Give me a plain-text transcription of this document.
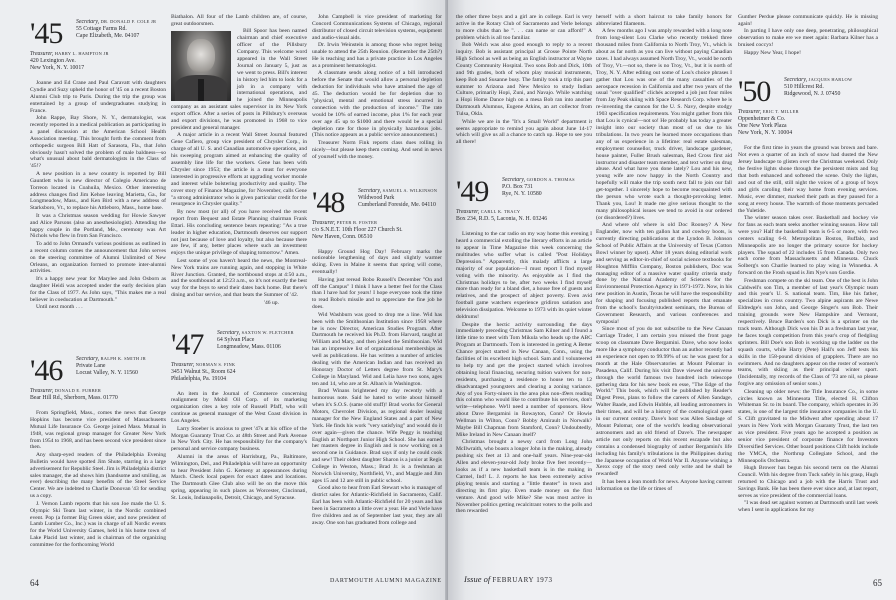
'45 Secretary, DR. DONALD F. COLE JR
55 Cottage Farms Rd.
Cape Elizabeth, Me. 04107
Treasurer, HARRY L. HAMPTON JR
420 Lexington Ave.
New York, N. Y. 10017

Joanne and Ed Crane and Paul Caravatt with daughters Cyndie and Suzy upheld the honor of '45 on a recent Boston Alumni Club trip to Paris. During the trip the group was entertained by a group of undergraduates studying in France.

John Rappe, Bay Shore, N. Y., dermatologist, was recently reported in a medical publication as participating in a panel discussion at the American School Health Association meeting. This brought forth the comment from orthopedic surgeon Bill Hatt of Sarasota, Fla., that John obviously hasn't solved the problem of male baldness—so what's unusual about bald dermatologists in the Class of '45!?

A new position in a new country is reported by Bill Gauntlett who is new director of Colegio Americano de Torreon located in Coahuila, Mexico. Other interesting address changes find Jim Kehoe leaving Marietta, Ga., for Longmeadow, Mass., and Ken Bird with a new address of Starksboro, Vt., to replace his Attleboro, Mass., home base.

It was a Christmas season wedding for Howie Sawyer and Alice Parsons (also an anesthesiologist). Attending the happy couple in the Portland, Me., ceremony was Art Nichols who flew in from San Francisco.

To add to John Ormand's various positions as outlined in a recent column comes the announcement that John serves on the steering committee of Alumni Unlimited of New Orleans, an organization formed to promote inter-alumni activities.

It's a happy new year for Marylee and John Osborn as daughter Heidi was accepted under the early decision plan for the Class of 1977. As John says, "This makes me a real believer in coeducation at Dartmouth."

Until next month . . .

'46 Secretary, RALPH K. SMITH JR
Private Lane
Locust Valley, N. Y. 11560
Treasurer, DONALD E. FURBER
Bear Hill Rd., Sherborn, Mass. 01770

From Springfield, Mass., comes the news that George Hopkins has become vice president of Massachusetts Mutual Life Insurance Co. George joined Mass. Mutual in 1948, was regional group manager for Greater New York from 1954 to 1968, and has been second vice president since then.

Any sharp-eyed readers of the Philadelphia Evening Bulletin would have spotted Jim Shute, starring in a large advertisement for Republic Steel. Jim is Philadelphia district sales manager, the ad shows him (handsome and smiling, as ever) describing the many benefits of the Steel Service Center. We are indebted to Charlie Donovan '43 for sending us a copy.

J. Vernon Lamb reports that his son Joe made the U. S. Olympic Ski Team last winter, in the Nordic combined event. Pop (a former Big Green skier, and now president of Lamb Lumber Co., Inc.) was in charge of all Nordic events for the World University Games, held in his home town of Lake Placid last winter, and is chairman of the organizing committee for the forthcoming World

Biathalon. All four of the Lamb children are, of course, great outdoorsmen.

Bill Spoor has been named chairman and chief executive officer of the Pillsbury Company. This welcome word appeared in the Wall Street Journal on January 5, just as we went to press. Bill's interest in history led him to look for a job in a company with international operations, and he joined the Minneapolis company as an assistant sales supervisor in its New York export office. After a series of posts in Pillsbury's overseas and export divisions, he was promoted in 1968 to vice president and general manager.

A major article in a recent Wall Street Journal featured Gene Cafiero, group vice president of Chrysler Corp., in charge of all U. S. and Canadian automotive operations, and his sweeping program aimed at enhancing the quality of assembly line life for the workers. Gene has been with Chrysler since 1953; the article is a must for everyone interested in progressive efforts at upgrading worker morale and interest while bolstering productivity and quality. The cover story of Finance Magazine, for November, calls Gene "a strong administrator who is given particular credit for the resurgence in Chrysler quality."

By now most (or all) of you have received the recent report from Bequest and Estate Planning chairman Frank Ettari. His concluding sentence bears repeating: "As a true leader in higher education, Dartmouth deserves our support not just because of love and loyalty, but also because there are few, if any, better places where such an investment enjoys the unique privilege of shaping tomorrow." Amen.

Lest some of you haven't heard the news, the Montreal-New York trains are running again, and stopping in White River Junction. Granted, the northbound stops at 4:50 a.m., and the southbound at 12:23 a.m., so it's not exactly the best way for the boys to send their dates back home. But there's dining and bar service, and that beats the Summer of '42.

'46 up.

'47 Secretary, SAXTON W. FLETCHER
64 Sylvan Place
Longmeadow, Mass. 01106
Treasurer, NORMAN S. FINK
3451 Walnut St., Room 624
Philadelphia, Pa. 19104

An item in the Journal of Commerce concerning realignment by Mobil Oil Corp. of its marketing organization cites a key role of Russell Pfaff, who will continue as general manager of the West Coast division in Los Angeles.

Larry Stoeber is anxious to greet '47s at his office of the Morgan Guaranty Trust Co. at 48th Street and Park Avenue in New York City. He has responsibility for the company's personal and service company business.

Alumni in the areas of Harrisburg, Pa., Baltimore, Wilmington, Del., and Philadelphia will have an opportunity to hear President John G. Kemeny at appearances during March. Check local papers for exact dates and locations. The Dartmouth Glee Club also will be on the move this spring, appearing in such places as Worcester, Cincinnati, St. Louis, Indianapolis, Detroit, Chicago, and Syracuse.

John Campbell is vice president of marketing for Concord Communications Systems of Chicago, regional distributor of closed circuit television systems, equipment and audio-visual aids.

Dr. Irwin Weinstein is among those who regret being unable to attend the 25th Reunion. (Remember the 25th?) He is teaching and has a private practice in Los Angeles as a prominent hematologist.

A classmate sends along notice of a bill introduced before the Senate that would allow a personal depletion deduction for individuals who have attained the age of 45. The deduction would be for depletion due to "physical, mental and emotional stress incurred in connection with the production of income." The rate would be 10% of earned income, plus 1% for each year over age 45 up to $1000 and there would be a special depletion rate for those in physically hazardous jobs. (This notice appears as a public service announcement.)

Treasurer Norm Fink reports class dues rolling in nicely—but please keep them coming. And send in news of yourself with the money.

'48 Secretary, SAMUEL A. WILKINSON
Wildwood Park
Cumberland Foreside, Me. 04110
Treasurer, PETER B. FOSTER
c/o S.N.E.T. 10th Floor 227 Church St.
New Haven, Conn. 06510

Happy Ground Hog Day! February marks the noticeable lengthening of days and slightly warmer skiing. Even in Maine it seems that spring will come, eventually!

Having just reread Bobo Russell's December "On and off the Campus" I think I have a better feel for the Class than I have had for years! I hope everyone took the time to read Bobo's missile and to appreciate the fine job he does.

Wid Washburn was good to drop me a line. Wid has been with the Smithsonian Institution since 1958 where he is now Director, American Studies Program. After Dartmouth he received his Ph.D. from Harvard, taught at William and Mary, and then joined the Smithsonian. Wid has an impressive list of organizational memberships as well as publications. He has written a number of articles dealing with the American Indian and has received an Honorary Doctor of Letters degree from St. Mary's College in Maryland. Wid and Lelia have two sons, ages ten and 14, who are at St. Alban's in Washington.

Brad Winans brightened my day recently with a humorous note. Said he hated to write about himself when it's S.O.S. (same old stuff)! Brad works for General Motors, Chevrolet Division, as regional dealer leasing manager for the New England States and a part of New York. He finds his work "very satisfying" and would do it over again—given the chance. Wife Peggy is teaching English at Northport Junior High School. She has earned her masters degree in English and is now working on a second one in Guidance. Brad says if only he could cook and sew! Their oldest daughter Sharon is a junior at Regis College in Weston, Mass.; Brad Jr. is a freshman at Norwich University, Northfield, Vt., and Maggie and Jim ages 15 and 12 are still in public school.

Good also to hear from Earl Stewart who is manager of district sales for Atlantic-Richfield in Sacramento, Calif. Earl has been with Atlantic-Richfield for 20 years and has been in Sacramento a little over a year. He and Verle have five children and as of September last year, they are all away. One son has graduated from college and

64	DARTMOUTH ALUMNI MAGAZINE

the other three boys and a girl are in college. Earl is very active in the Rotary Club of Sacramento and Verle belongs to more clubs than he ". . . can name or can afford!" A problem which is all too familiar.

Bob Welch was also good enough to reply to a recent inquiry. Bob is assistant principal at Grosse Pointe North High School as well as being an English instructor at Wayne County Community Hospital. Two sons Bob and Dick, 10th and 9th grades, both of whom play musical instruments, keep Bob and Susanne busy. The family took a trip this past summer to Arizona and New Mexico to study Indian Culture, primarily Hopi, Zuni, and Navajo. While watching a Hopi Home Dance high on a mesa Bob ran into another Dartmouth Alumnus, Eugene Atkins, an art collector from Tulsa, Okla.

While we are in the "It's a Small World" department it seems appropriate to remind you again about June 14-17 which will give us all a chance to catch up. Hope to see you all there!

'49 Secretary, GORDON A. THOMAS
P.O. Box 731
Rye, N. Y. 10580
Treasurer, CARLL K. TRACY
Box 234, R.D. 5, Laconia, N. H. 03246

Listening to the car radio on my way home this evening I heard a commercial extolling the literary efforts in an article to appear in Time Magazine this week concerning the multitudes who suffer what is called "Post Holidays Depression." Apparently, this malady afflicts a large majority of our population—I must report I find myself voting with the minority. As enjoyable as I find the Christmas holidays to be, after two weeks I find myself more than ready for a bland diet, a house free of guests and relatives, and the prospect of abject poverty. Even avid football game watchers experience gridiron satiation and television dissipation. Welcome to 1973 with its quiet winter doldrums!

Despite the hectic activity surrounding the days immediately preceding Christmas Sam Kilner and I found a little time to meet with Tom Mikula who heads up the ABC Program at Dartmouth. Tom is interested in getting A Better Chance project started in New Canaan, Conn., using the facilities of its excellent high school. Sam and I volunteered to help try and get the project started which involves obtaining local financing, securing tuition waivers for non-residents, purchasing a residence to house ten to 12 disadvantaged youngsters and clearing a zoning variance. Any of you Forty-niners in the area plus non-49ers reading this column who would like to contribute his services, don't write—telephone. We'll need a number of sponsors. How about Dave Bergamini in Rowayton, Conn? Or Howie Wellman in Wilton, Conn? Bobby Amirault in Norwalk? Maybe Bill Chapman from Stamford, Conn? Undoubtedly, Mike Ireland in New Canaan itself?

Christmas brought a newsy card from Long John McIlwraith, who boasts a longer John in the making, already pushing six feet at 13 and one-half years. Nine-year-old Allen and eleven-year-old Jody broke five feet recently—looks as if a new basketball team is in the making in Carmel, Ind! L. J. reports he has been extremely active playing tennis and starting a "little theater" in town and directing its first play. Even made money on the first venture. And good wife Mike? She was most active in November politics getting recalcitrant voters to the polls and then rewarded

herself with a short haircut to take family honors for abbreviated filaments.

A few months ago I was amply rewarded with a long note from long-silent Lou Clarke who recently trekked three thousand miles from California to North Troy, Vt., which is about as far north as you can live without paying Canadian taxes. I had always assumed North Troy, Vt., would be north of Troy, Vt.—not so, there is no Troy, Vt., but it is north of Troy, N. Y. After editing out some of Lou's choice phrases I gather that Lou was one of the many casualties of the aerospace recession in California and after two years of the usual "over qualified" clichés accepted a job just four miles from Jay Peak skiing with Space Research Corp. where he is re-inventing the cannon for the U. S. Navy, despite stodgy 1903 specification requirements. You might gather from this that Lou is cynical—not so! He probably has today a greater insight into our society than most of us due to his tribulations. In two years he learned more occupations than any of us experience in a lifetime: real estate salesman, employment counsellor, truck driver, landscape gardener, house painter, Fuller Brush salesman, Red Cross first aid instructor and disaster team member, and text writer on drug abuse. And what have you done lately? Lou and his new, young wife are now happy in the North Country and hopefully will make the trip south next fall to join our fall get-together. I sincerely hope to become reacquainted with the person who wrote such a thought-provoking letter. Thank you, Lou! It made me give serious thought to the many philosophical issues we tend to avoid in our ordered (or disordered?) lives.

And where oh! where is old Doc Rooney? A New Englander, now with ten gallon hat and cowboy boots, is currently directing publications at the Lyndon B. Johnson School of Public Affairs at the University of Texas (Cotton Bowl winner by upset). After 18 years doing editorial work and serving as editor-in-chief of social science textbooks for Houghton Mifflin Company, Boston publishers, Doc was managing editor of a massive water quality criteria study done by the National Academy of Sciences for the Environmental Protection Agency in 1971-1972. Now, in his new position in Austin, Texas he will have the responsibility for shaping and focusing published reports that emanate from the school's faculty/student seminars, the Bureau of Government Research, and various conferences and symposia!

Since most of you do not subscribe to the New Canaan Carriage Trader, I am certain you missed the front page scoop on classmate Dave Bergamini. Dave, who now looks more like a symphony conductor than an author recently had an experience not open to 99.99% of us: he was guest for a month at the Hale Observatories at Mount Palomar in Pasadena, Calif. During his visit Dave viewed the universe through the world famous two hundred inch telescope gathering data for his new book en esse, "The Edge of the World." This book, which will be published by Reader's Digest Press, plans to follow the careers of Allen Sandage, Walter Baade, and Edwin Hubble, all leading astronomers in their times, and will be a history of the cosmological quest in our current century. Dave's host was Allen Sandage of Mount Palomar, one of the world's leading observational astronomers and an old friend of Dave's. The newspaper article not only reports on this recent escapade but also contains a condensed biography of author Bergamini's life including his family's tribulations in the Philippines during the Japanese occupation of World War II. Anyone wishing a Xerox copy of the story need only write and he shall be rewarded!

It has been a lean month for news. Anyone having current information on the life or times of

Gunther Perdue please communicate quickly. He is missing again!

In parting I have only one deep, penetrating, philosophical observation to make ere we meet again: Barbara Kilner has a bruised coccyx!

Happy New Year, I hope!

'50 Secretary, JACQUES HARLOW
510 Hillcrest Rd.
Ridgewood, N. J. 07450
Treasurer, ERIC T. MILLER
Oppenheimer & Co.
One New York Plaza
New York, N. Y. 10004

For the first time in years the ground was brown and bare. Not even a quarter of an inch of snow had dusted the New Jersey landscape to glisten over the Christmas weekend. Only the festive lights shone through the persistent mists and fog that both enhanced and softened the scene. Only the lights, and out of the still, still night the voices of a group of boys and girls caroling their way home from evening services. Music, ever dimmer, marked their path as they paused for a song at every house. The warmth of those moments pervaded the Yuletide.

The winter season takes over. Basketball and hockey vie for fans as each team seeks another winning season. How tall were you? Half the basketball team is 6-5 or more, with two centers scaling 6-8. Metropolitan Boston, Buffalo, and Minneapolis are no longer the primary source for hockey players. The squad of 22 includes 15 from Canada. Only two each come from Massachusetts and Minnesota. Chuck Solberg's son Charlie learned to play wing in Winnetka. A forward on the Frosh squad is Jim Nye's son Gordie.

Freshman compete on the ski team. One of the best is John Caldwell's son Tim, a member of last year's Olympic team and this year's U. S. national team. Tim, like his father, specializes in cross country. Two alpine aspirants are Newe Eldredge's son John, and George Singer's son Bob. Their training grounds were New Hampshire and Vermont, respectively. Bruce Barden's son Dick is a sprinter on the track team. Although Dick won his D as a freshman last year, he faces tough competition from this year's crop of fledgling sprinters. Bill Doe's son Bob is working up the ladder on the squash courts, while Harry (Pete) Hall's son Jeff tests his skills in the 158-pound division of grapplers. There are no swimmers. And no daughters appear on the roster of women's teams, with skiing as their principal winter sport. (Incidentally, my records of the Class of '73 are nil, so please forgive any omission of senior sons.)

Cleaning up older news: the Title Insurance Co., in some circles known as Minnesota Title, elected H. Clifton Whiteman Sr. to its board. The company, which operates in 36 states, is one of the largest title insurance companies in the U. S. Clift gravitated to the Midwest after spending about 17 years in New York with Morgan Guaranty Trust, the last ten as vice president. Five years ago he accepted a position as senior vice president of corporate finance for Investors Diversified Services. Other board positions Clift holds include the YMCA, the Northrup Collegiate School, and the Minneapolis Orchestra.

Hugh Brower has begun his second term on the Alumni Council. With his degree from Tuck safely in his grasp, Hugh returned to Chicago and a job with the Harris Trust and Savings Bank. He has been there ever since and, at last report, serves as vice president of the commercial loans.

"I was dead set against women at Dartmouth until last week when I sent in applications for my

Issue of FEBRUARY 1973	65
